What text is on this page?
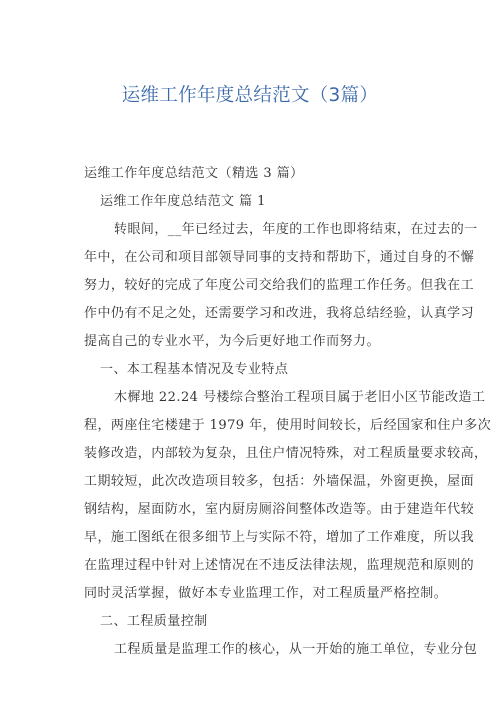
运维工作年度总结范文（3篇）
运维工作年度总结范文（精选 3 篇）
运维工作年度总结范文 篇 1
转眼间，__年已经过去，年度的工作也即将结束，在过去的一
年中，在公司和项目部领导同事的支持和帮助下，通过自身的不懈
努力，较好的完成了年度公司交给我们的监理工作任务。但我在工
作中仍有不足之处，还需要学习和改进，我将总结经验，认真学习
提高自己的专业水平，为今后更好地工作而努力。
一、本工程基本情况及专业特点
木樨地 22.24 号楼综合整治工程项目属于老旧小区节能改造工
程，两座住宅楼建于 1979 年，使用时间较长，后经国家和住户多次
装修改造，内部较为复杂，且住户情况特殊，对工程质量要求较高，
工期较短，此次改造项目较多，包括：外墙保温，外窗更换，屋面
钢结构，屋面防水，室内厨房厕浴间整体改造等。由于建造年代较
早，施工图纸在很多细节上与实际不符，增加了工作难度，所以我
在监理过程中针对上述情况在不违反法律法规，监理规范和原则的
同时灵活掌握，做好本专业监理工作，对工程质量严格控制。
二、工程质量控制
工程质量是监理工作的核心，从一开始的施工单位，专业分包
